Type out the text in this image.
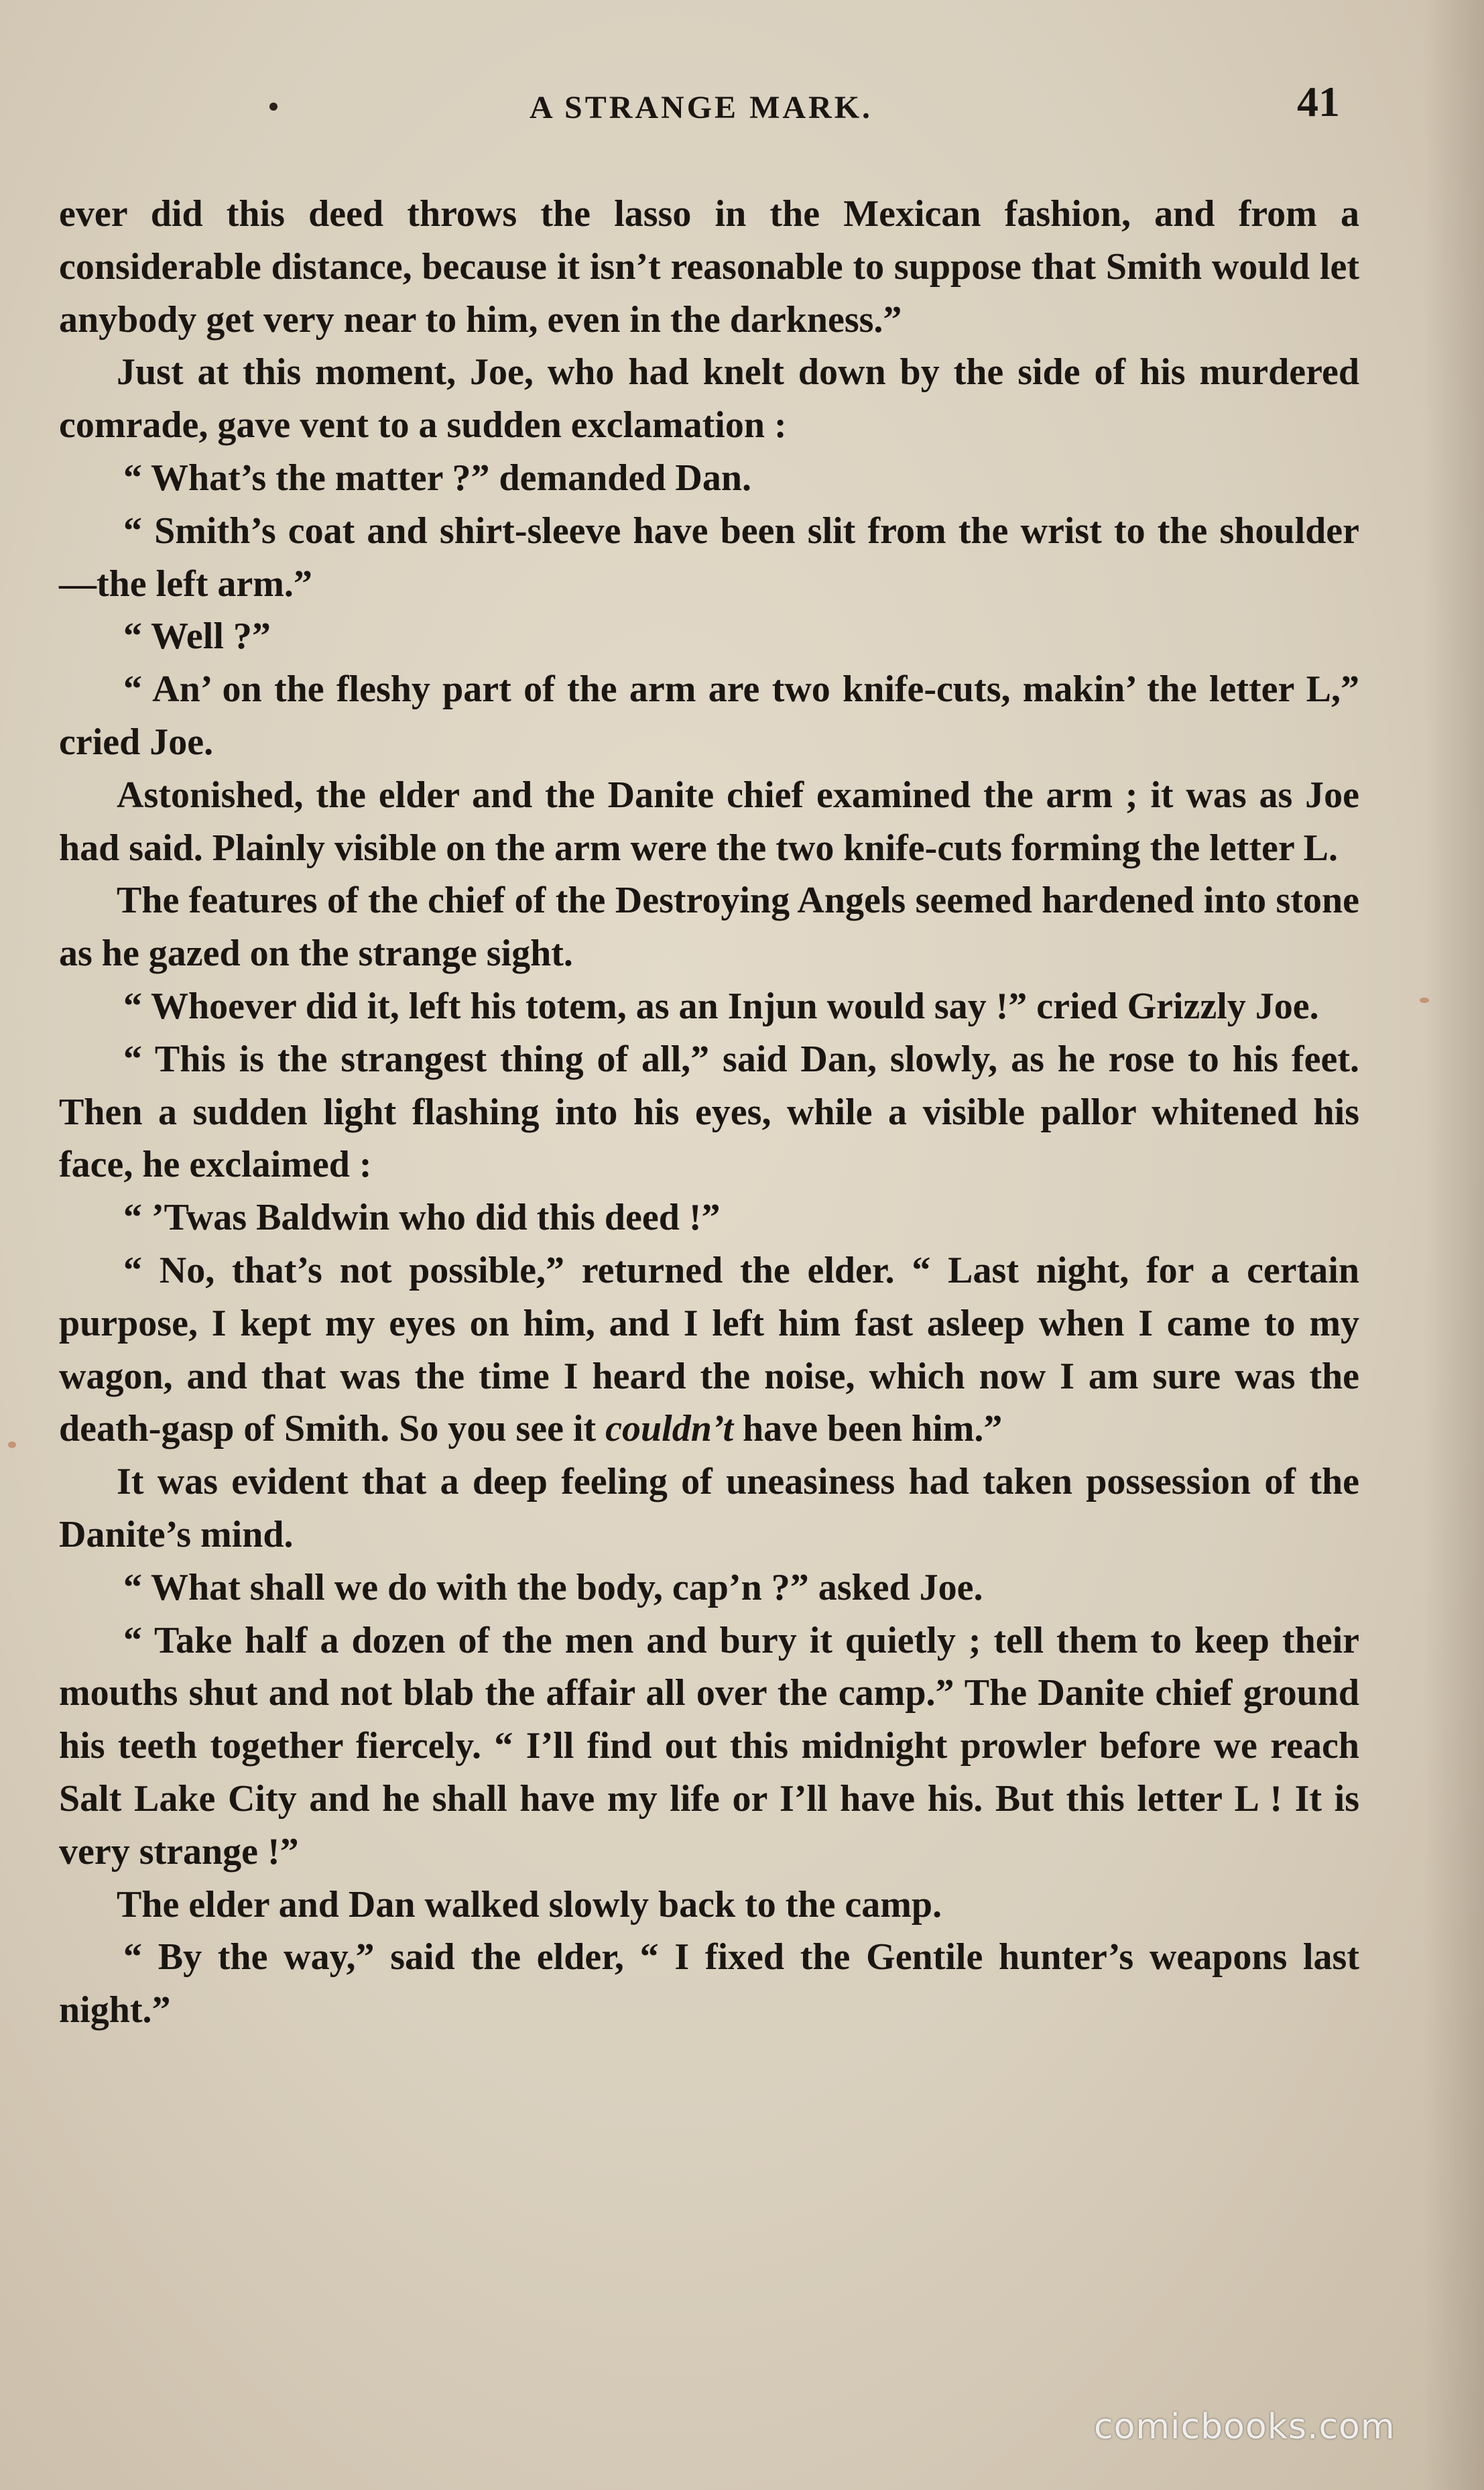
A STRANGE MARK.	41

ever did this deed throws the lasso in the Mexican fashion, and from a considerable distance, because it isn’t reasonable to suppose that Smith would let anybody get very near to him, even in the darkness.”

Just at this moment, Joe, who had knelt down by the side of his murdered comrade, gave vent to a sudden exclamation :

“ What’s the matter ?” demanded Dan.

“ Smith’s coat and shirt-sleeve have been slit from the wrist to the shoulder—the left arm.”

“ Well ?”

“ An’ on the fleshy part of the arm are two knife-cuts, makin’ the letter L,” cried Joe.

Astonished, the elder and the Danite chief examined the arm ; it was as Joe had said. Plainly visible on the arm were the two knife-cuts forming the letter L.

The features of the chief of the Destroying Angels seemed hardened into stone as he gazed on the strange sight.

“ Whoever did it, left his totem, as an Injun would say !” cried Grizzly Joe.

“ This is the strangest thing of all,” said Dan, slowly, as he rose to his feet. Then a sudden light flashing into his eyes, while a visible pallor whitened his face, he exclaimed :

“ ’Twas Baldwin who did this deed !”

“ No, that’s not possible,” returned the elder. “ Last night, for a certain purpose, I kept my eyes on him, and I left him fast asleep when I came to my wagon, and that was the time I heard the noise, which now I am sure was the death-gasp of Smith. So you see it couldn’t have been him.”

It was evident that a deep feeling of uneasiness had taken possession of the Danite’s mind.

“ What shall we do with the body, cap’n ?” asked Joe.

“ Take half a dozen of the men and bury it quietly ; tell them to keep their mouths shut and not blab the affair all over the camp.” The Danite chief ground his teeth together fiercely. “ I’ll find out this midnight prowler before we reach Salt Lake City and he shall have my life or I’ll have his. But this letter L ! It is very strange !”

The elder and Dan walked slowly back to the camp.

“ By the way,” said the elder, “ I fixed the Gentile hunter’s weapons last night.”

comicbooks.com
